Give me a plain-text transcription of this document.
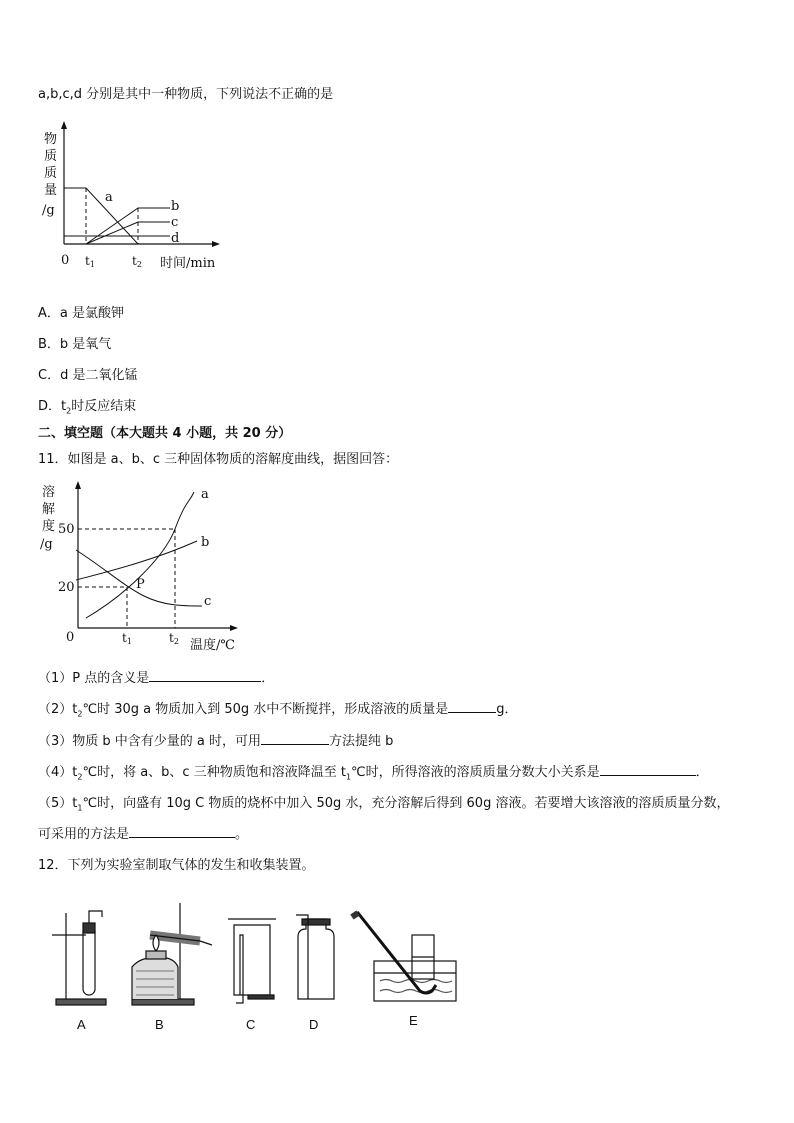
a,b,c,d 分别是其中一种物质，下列说法不正确的是
物
质
质
量
/g
a
b
c
d
0 t1	t2 时间/min
A．a 是氯酸钾
B．b 是氧气
C．d 是二氧化锰
D．$t_2$时反应结束
二、填空题（本大题共 4 小题，共 20 分）
11．如图是 a、b、c 三种固体物质的溶解度曲线，据图回答：
溶
解
度
/g
50
20	P
a
b
c
0	t1	t2 温度/℃
（1）P 点的含义是	．
$(2)t_2℃$时 30g a 物质加入到 50g 水中不断搅拌，形成溶液的质量是	g．
（3）物质 b 中含有少量的 a 时，可用	方法提纯 b
$(4)t_2℃$时，将 a、b、c 三种物质饱和溶液降温至 $t_1℃$时，所得溶液的溶质质量分数大小关系是	．
$(5)t_1℃$时，向盛有 10g C 物质的烧杯中加入 50g 水，充分溶解后得到 60g 溶液。若要增大该溶液的溶质质量分数，
可采用的方法是	。
12．下列为实验室制取气体的发生和收集装置。
A	B	C	D	E
